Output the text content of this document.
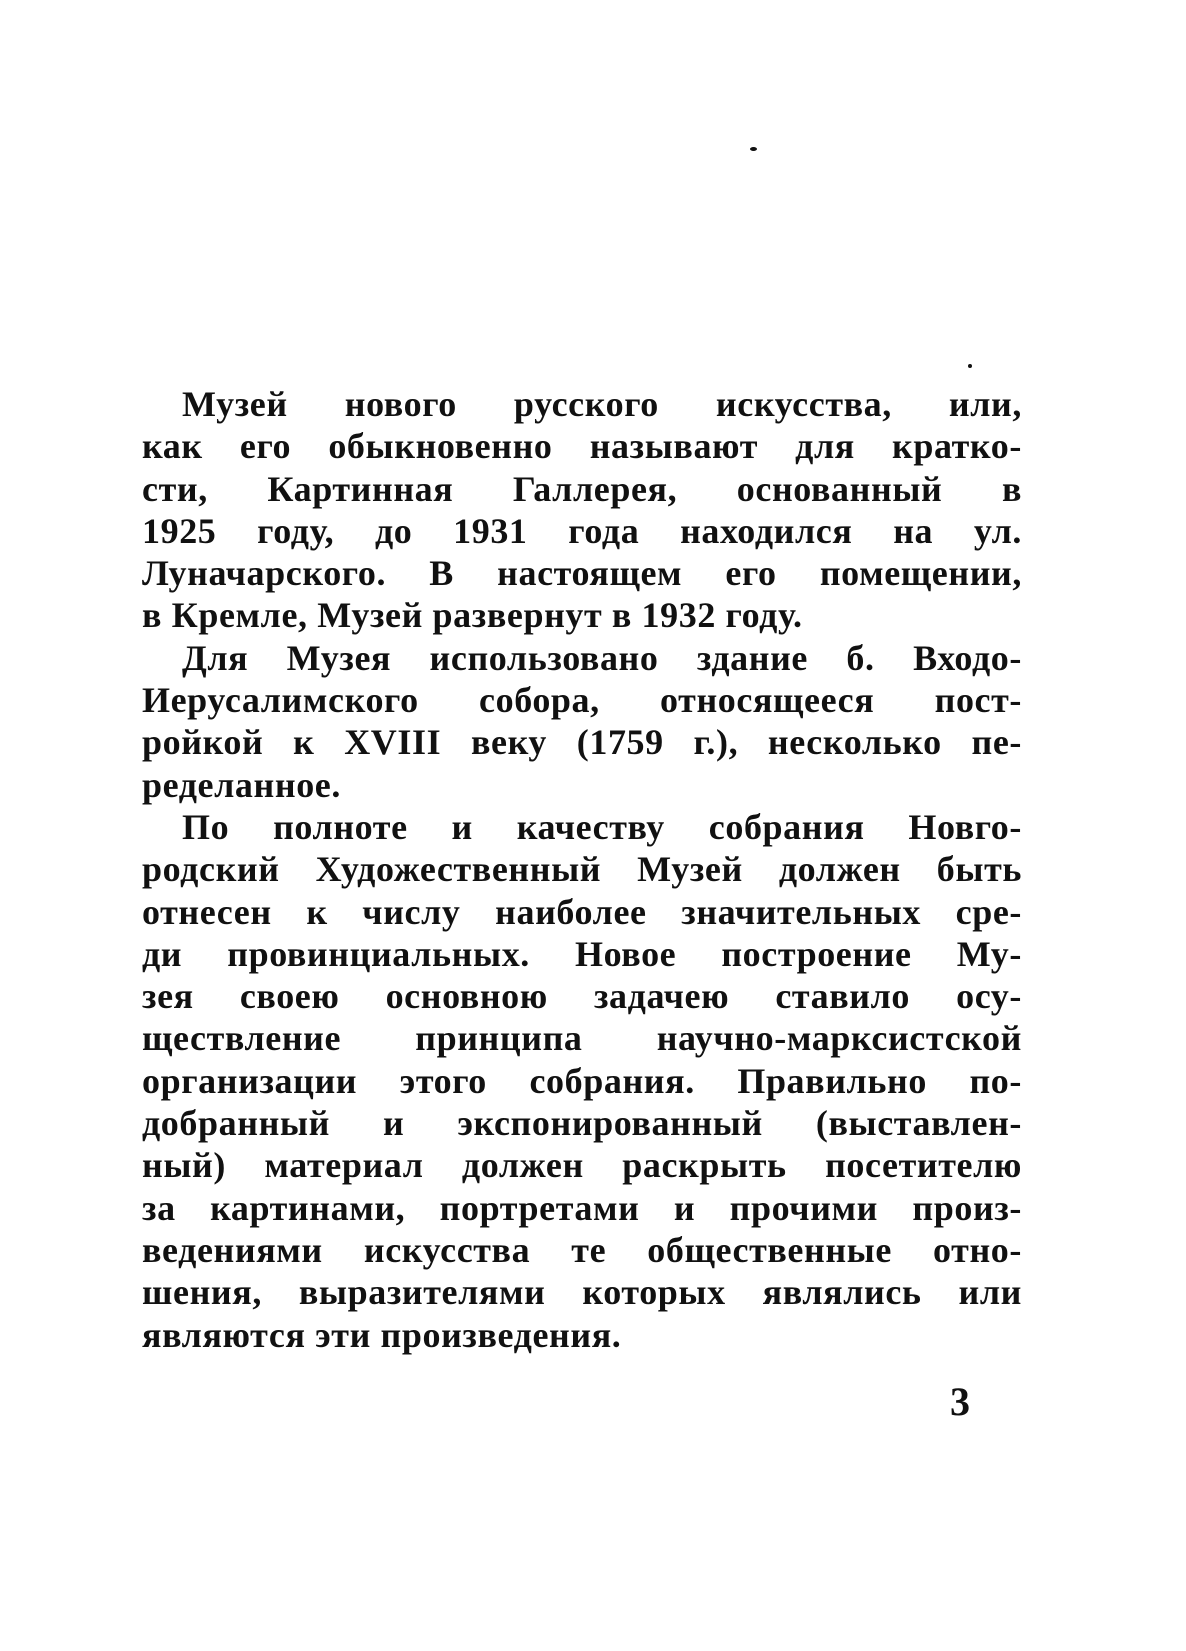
Музей нового русского искусства, или,
как его обыкновенно называют для кратко-
сти, Картинная Галлерея, основанный в
1925 году, до 1931 года находился на ул.
Луначарского. В настоящем его помещении,
в Кремле, Музей развернут в 1932 году.
Для Музея использовано здание б. Входо-
Иерусалимского собора, относящееся пост-
ройкой к XVIII веку (1759 г.), несколько пе-
ределанное.
По полноте и качеству собрания Новго-
родский Художественный Музей должен быть
отнесен к числу наиболее значительных сре-
ди провинциальных. Новое построение Му-
зея своею основною задачею ставило осу-
ществление принципа научно-марксистской
организации этого собрания. Правильно по-
добранный и экспонированный (выставлен-
ный) материал должен раскрыть посетителю
за картинами, портретами и прочими произ-
ведениями искусства те общественные отно-
шения, выразителями которых являлись или
являются эти произведения.
3
